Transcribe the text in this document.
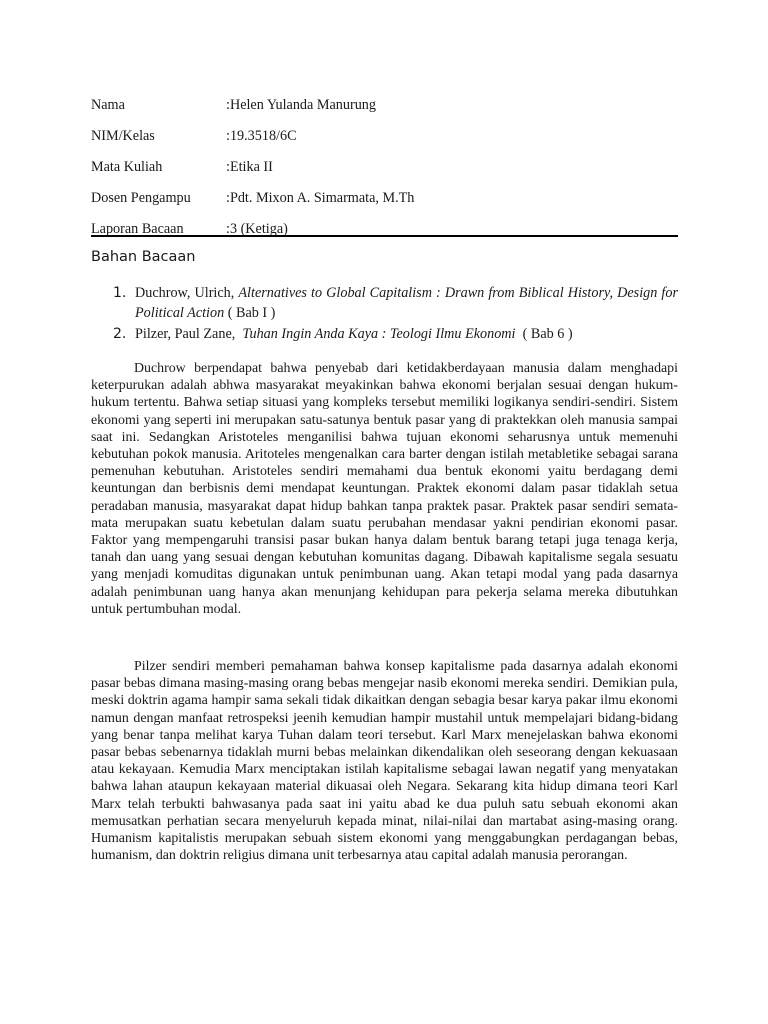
Nama	:Helen Yulanda Manurung
NIM/Kelas	:19.3518/6C
Mata Kuliah	:Etika II
Dosen Pengampu	:Pdt. Mixon A. Simarmata, M.Th
Laporan Bacaan	:3 (Ketiga)
Bahan Bacaan
1. Duchrow, Ulrich, Alternatives to Global Capitalism : Drawn from Biblical History, Design for Political Action ( Bab I )
2. Pilzer, Paul Zane,  Tuhan Ingin Anda Kaya : Teologi Ilmu Ekonomi  ( Bab 6 )

Duchrow berpendapat bahwa penyebab dari ketidakberdayaan manusia dalam menghadapi keterpurukan adalah abhwa masyarakat meyakinkan bahwa ekonomi berjalan sesuai dengan hukum-hukum tertentu. Bahwa setiap situasi yang kompleks tersebut memiliki logikanya sendiri-sendiri. Sistem ekonomi yang seperti ini merupakan satu-satunya bentuk pasar yang di praktekkan oleh manusia sampai saat ini. Sedangkan Aristoteles menganilisi bahwa tujuan ekonomi seharusnya untuk memenuhi kebutuhan pokok manusia. Aritoteles mengenalkan cara barter dengan istilah metabletike sebagai sarana pemenuhan kebutuhan. Aristoteles sendiri memahami dua bentuk ekonomi yaitu berdagang demi keuntungan dan berbisnis demi mendapat keuntungan. Praktek ekonomi dalam pasar tidaklah setua peradaban manusia, masyarakat dapat hidup bahkan tanpa praktek pasar. Praktek pasar sendiri semata-mata merupakan suatu kebetulan dalam suatu perubahan mendasar yakni pendirian ekonomi pasar. Faktor yang mempengaruhi transisi pasar bukan hanya dalam bentuk barang tetapi juga tenaga kerja, tanah dan uang yang sesuai dengan kebutuhan komunitas dagang. Dibawah kapitalisme segala sesuatu yang menjadi komuditas digunakan untuk penimbunan uang. Akan tetapi modal yang pada dasarnya adalah penimbunan uang hanya akan menunjang kehidupan para pekerja selama mereka dibutuhkan untuk pertumbuhan modal.

Pilzer sendiri memberi pemahaman bahwa konsep kapitalisme pada dasarnya adalah ekonomi pasar bebas dimana masing-masing orang bebas mengejar nasib ekonomi mereka sendiri. Demikian pula, meski doktrin agama hampir sama sekali tidak dikaitkan dengan sebagia besar karya pakar ilmu ekonomi namun dengan manfaat retrospeksi jeenih kemudian hampir mustahil untuk mempelajari bidang-bidang yang benar tanpa melihat karya Tuhan dalam teori tersebut. Karl Marx menejelaskan bahwa ekonomi pasar bebas sebenarnya tidaklah murni bebas melainkan dikendalikan oleh seseorang dengan kekuasaan atau kekayaan. Kemudia Marx menciptakan istilah kapitalisme sebagai lawan negatif yang menyatakan bahwa lahan ataupun kekayaan material dikuasai oleh Negara. Sekarang kita hidup dimana teori Karl Marx telah terbukti bahwasanya pada saat ini yaitu abad ke dua puluh satu sebuah ekonomi akan memusatkan perhatian secara menyeluruh kepada minat, nilai-nilai dan martabat asing-masing orang. Humanism kapitalistis merupakan sebuah sistem ekonomi yang menggabungkan perdagangan bebas, humanism, dan doktrin religius dimana unit terbesarnya atau capital adalah manusia perorangan.
